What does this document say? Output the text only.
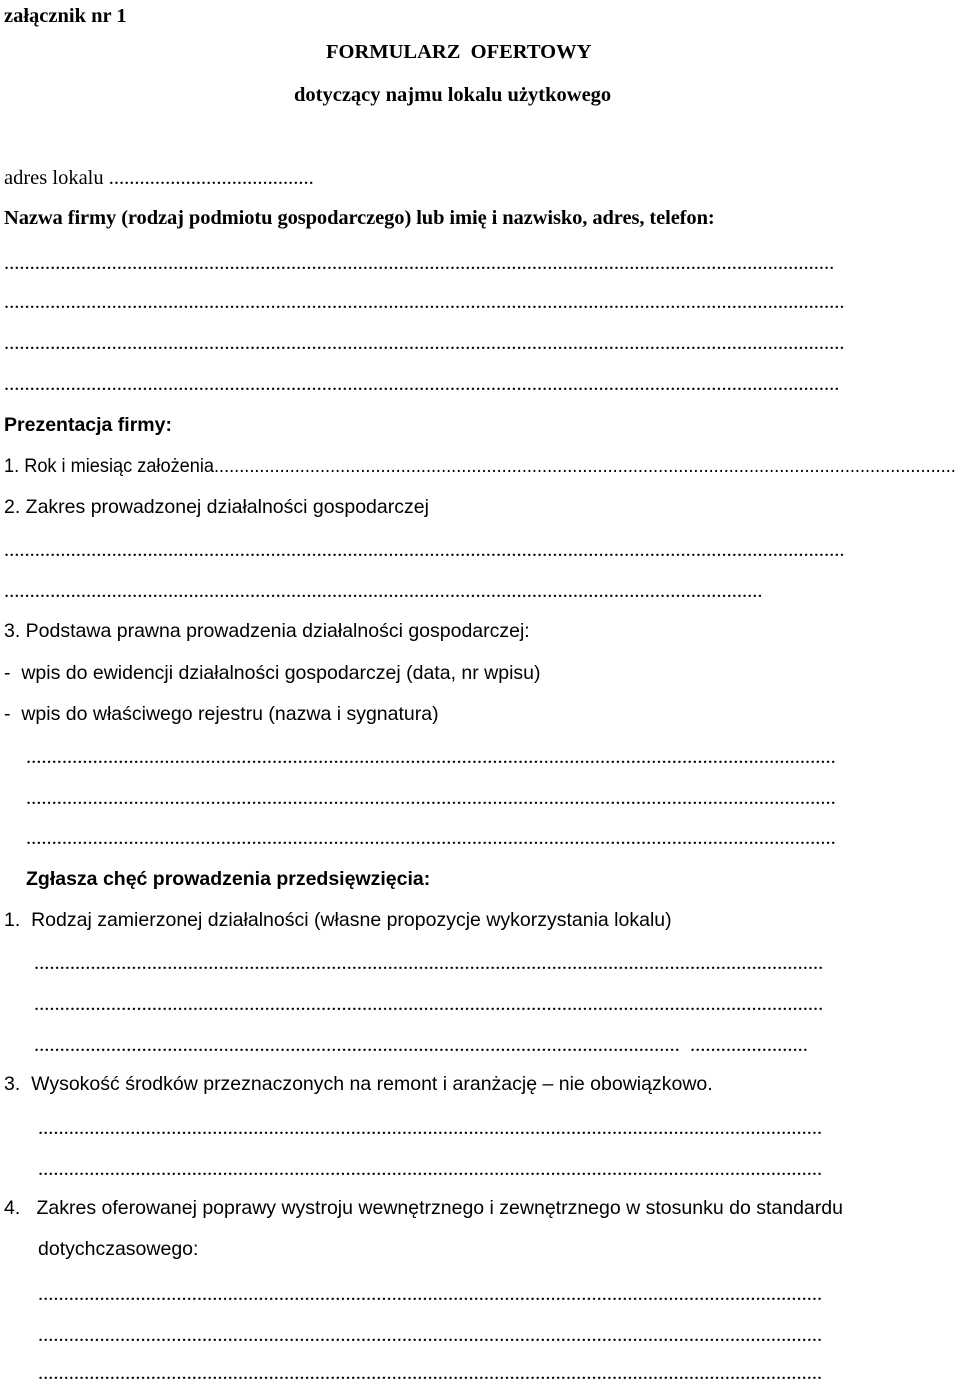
załącznik nr 1
FORMULARZ  OFERTOWY
dotyczący najmu lokalu użytkowego
adres lokalu ........................................
Nazwa firmy (rodzaj podmiotu gospodarczego) lub imię i nazwisko, adres, telefon:
..................................................................................................................................................................
....................................................................................................................................................................
....................................................................................................................................................................
...................................................................................................................................................................
Prezentacja firmy:
1. Rok i miesiąc założenia...................................................................................................................................................
2. Zakres prowadzonej działalności gospodarczej
....................................................................................................................................................................
....................................................................................................................................................
3. Podstawa prawna prowadzenia działalności gospodarczej:
-  wpis do ewidencji działalności gospodarczej (data, nr wpisu)
-  wpis do właściwego rejestru (nazwa i sygnatura)
..............................................................................................................................................................
..............................................................................................................................................................
..............................................................................................................................................................
Zgłasza chęć prowadzenia przedsięwzięcia:
1.  Rodzaj zamierzonej działalności (własne propozycje wykorzystania lokalu)
..........................................................................................................................................................
..........................................................................................................................................................
..............................................................................................................................  .......................
3.  Wysokość środków przeznaczonych na remont i aranżację – nie obowiązkowo.
.........................................................................................................................................................
.........................................................................................................................................................
4.   Zakres oferowanej poprawy wystroju wewnętrznego i zewnętrznego w stosunku do standardu
dotychczasowego:
.........................................................................................................................................................
.........................................................................................................................................................
.........................................................................................................................................................
